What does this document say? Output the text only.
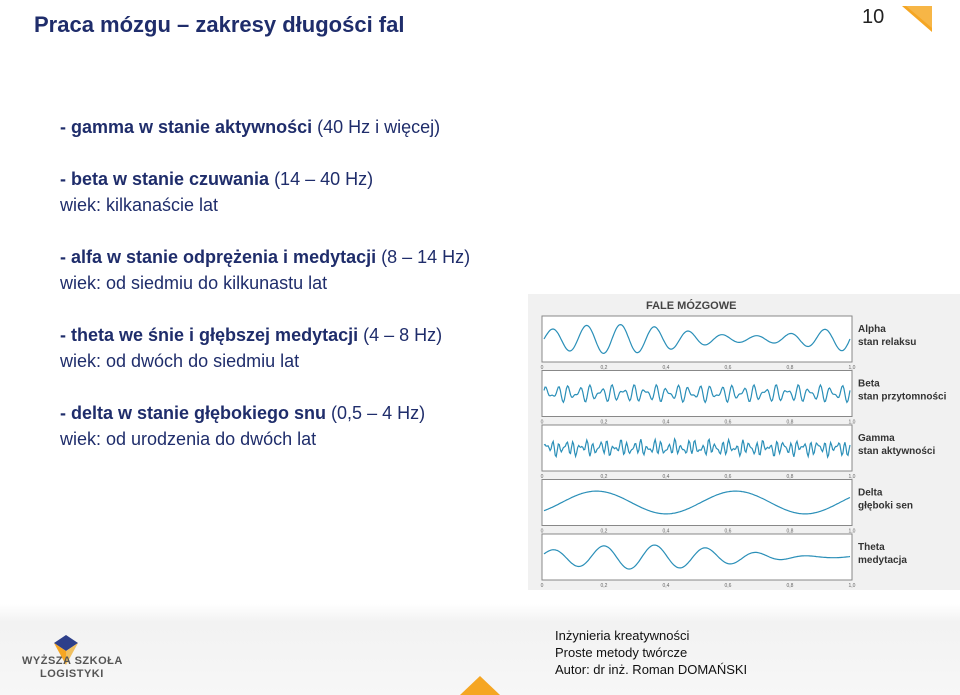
Praca mózgu – zakresy długości fal	10
- gamma w stanie aktywności (40 Hz i więcej)
- beta w stanie czuwania (14 – 40 Hz)
wiek: kilkanaście lat
- alfa w stanie odprężenia i medytacji (8 – 14 Hz)
wiek: od siedmiu do kilkunastu lat
- theta we śnie i głębszej medytacji (4 – 8 Hz)
wiek: od dwóch do siedmiu lat
- delta w stanie głębokiego snu (0,5 – 4 Hz)
wiek: od urodzenia do dwóch lat
FALE MÓZGOWE
0	0,2	0,4	0,6	0,8	1,0
Alpha
stan relaksu
0	0,2	0,4	0,6	0,8	1,0
Beta
stan przytomności
0	0,2	0,4	0,6	0,8	1,0
Gamma
stan aktywności
0	0,2	0,4	0,6	0,8	1,0
Delta
głęboki sen
0	0,2	0,4	0,6	0,8	1,0
Theta
medytacja
WYŻSZA SZKOŁA
LOGISTYKI
Inżynieria kreatywności
Proste metody twórcze
Autor: dr inż. Roman DOMAŃSKI
